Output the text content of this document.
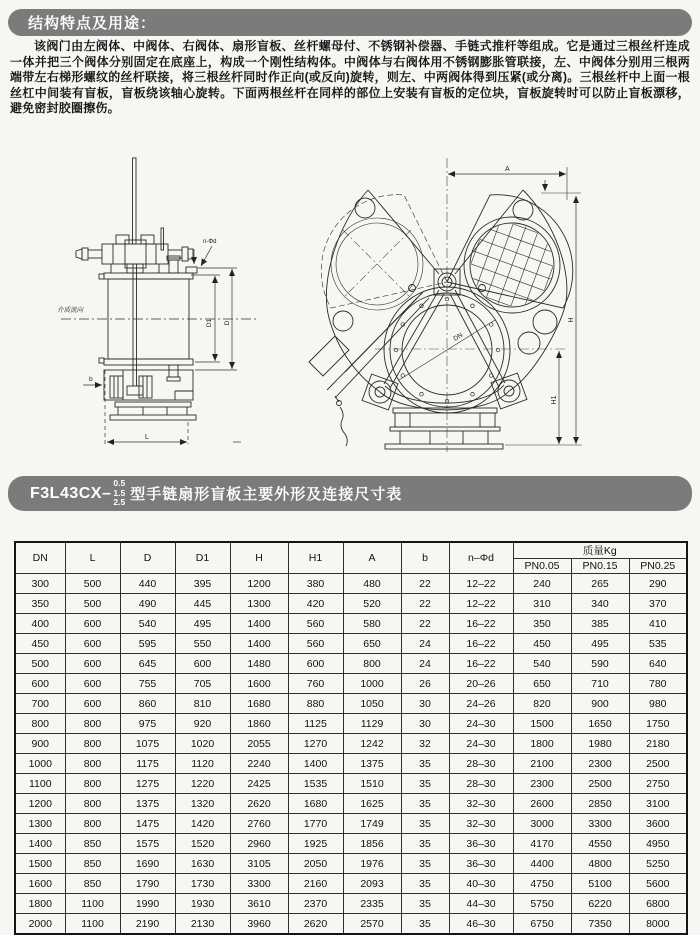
结构特点及用途：

该阀门由左阀体、中阀体、右阀体、扇形盲板、丝杆螺母付、不锈钢补偿器、手链式推杆等组成。它是通过三根丝杆连成一体并把三个阀体分别固定在底座上，构成一个刚性结构体。中阀体与右阀体用不锈钢膨胀管联接，左、中阀体分别用三根两端带左右梯形螺纹的丝杆联接，将三根丝杆同时作正向(或反向)旋转，则左、中两阀体得到压紧(或分离)。三根丝杆中上面一根丝杠中间装有盲板，盲板绕该轴心旋转。下面两根丝杆在同样的部位上安装有盲板的定位块，盲板旋转时可以防止盲板漂移，避免密封胶圈擦伤。

介质流向
n-Φd
D1 D
b
L
A
H
H1
DN
F3L43CX–
0.5
1.5
2.5 型手链扇形盲板主要外形及连接尺寸表
DN	L	D	D1	H	H1	A	b	n–Φd	质量Kg		
									PN0.05	PN0.15	PN0.25
300	500	440	395	1200	380	480	22	12–22	240	265	290
350	500	490	445	1300	420	520	22	12–22	310	340	370
400	600	540	495	1400	560	580	22	16–22	350	385	410
450	600	595	550	1400	560	650	24	16–22	450	495	535
500	600	645	600	1480	600	800	24	16–22	540	590	640
600	600	755	705	1600	760	1000	26	20–26	650	710	780
700	600	860	810	1680	880	1050	30	24–26	820	900	980
800	800	975	920	1860	1125	1129	30	24–30	1500	1650	1750
900	800	1075	1020	2055	1270	1242	32	24–30	1800	1980	2180
1000	800	1175	1120	2240	1400	1375	35	28–30	2100	2300	2500
1100	800	1275	1220	2425	1535	1510	35	28–30	2300	2500	2750
1200	800	1375	1320	2620	1680	1625	35	32–30	2600	2850	3100
1300	800	1475	1420	2760	1770	1749	35	32–30	3000	3300	3600
1400	850	1575	1520	2960	1925	1856	35	36–30	4170	4550	4950
1500	850	1690	1630	3105	2050	1976	35	36–30	4400	4800	5250
1600	850	1790	1730	3300	2160	2093	35	40–30	4750	5100	5600
1800	1100	1990	1930	3610	2370	2335	35	44–30	5750	6220	6800
2000	1100	2190	2130	3960	2620	2570	35	46–30	6750	7350	8000
